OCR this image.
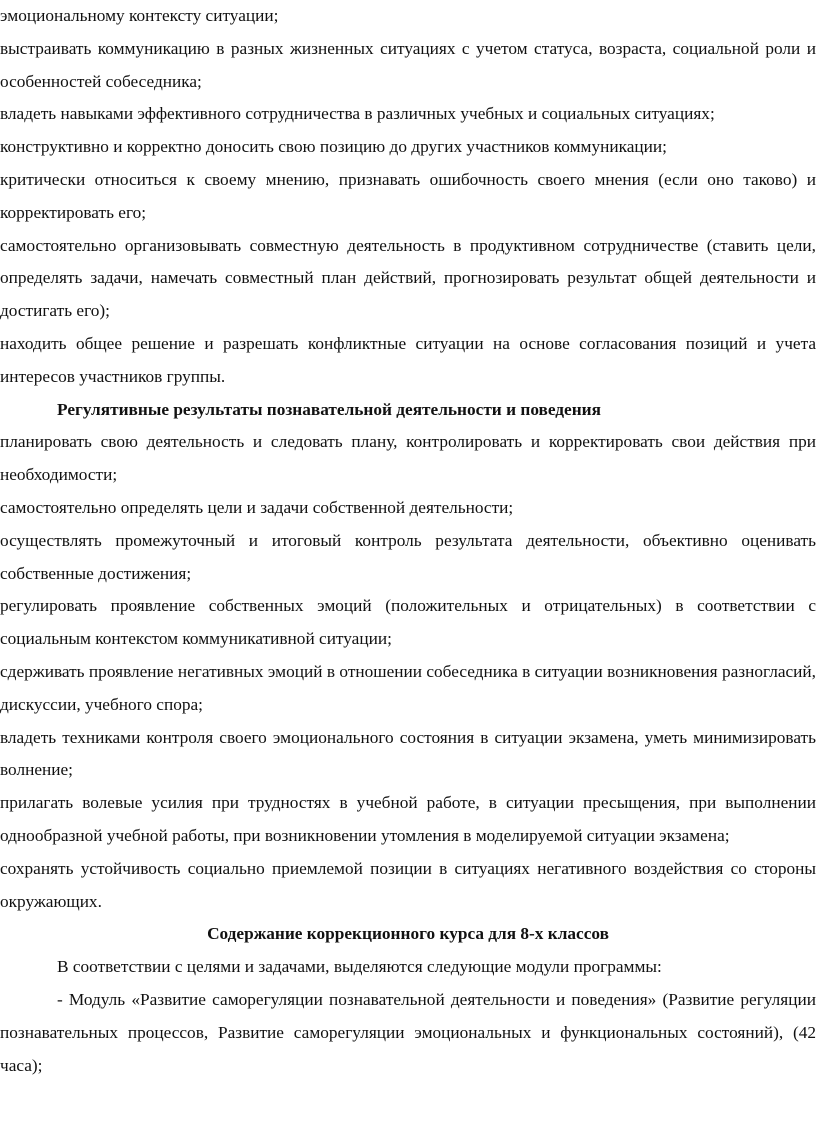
эмоциональному контексту ситуации;

выстраивать коммуникацию в разных жизненных ситуациях с учетом статуса, возраста, социальной роли и особенностей собеседника;

владеть навыками эффективного сотрудничества в различных учебных и социальных ситуациях;

конструктивно и корректно доносить свою позицию до других участников коммуникации;

критически относиться к своему мнению, признавать ошибочность своего мнения (если оно таково) и корректировать его;

самостоятельно организовывать совместную деятельность в продуктивном сотрудничестве (ставить цели, определять задачи, намечать совместный план действий, прогнозировать результат общей деятельности и достигать его);

находить общее решение и разрешать конфликтные ситуации на основе согласования позиций и учета интересов участников группы.

Регулятивные результаты познавательной деятельности и поведения

планировать свою деятельность и следовать плану, контролировать и корректировать свои действия при необходимости;

самостоятельно определять цели и задачи собственной деятельности;

осуществлять промежуточный и итоговый контроль результата деятельности, объективно оценивать собственные достижения;

регулировать проявление собственных эмоций (положительных и отрицательных) в соответствии с социальным контекстом коммуникативной ситуации;

сдерживать проявление негативных эмоций в отношении собеседника в ситуации возникновения разногласий, дискуссии, учебного спора;

владеть техниками контроля своего эмоционального состояния в ситуации экзамена, уметь минимизировать волнение;

прилагать волевые усилия при трудностях в учебной работе, в ситуации пресыщения, при выполнении однообразной учебной работы, при возникновении утомления в моделируемой ситуации экзамена;

сохранять устойчивость социально приемлемой позиции в ситуациях негативного воздействия со стороны окружающих.

Содержание коррекционного курса для 8-х классов

В соответствии с целями и задачами, выделяются следующие модули программы:

- Модуль «Развитие саморегуляции познавательной деятельности и поведения» (Развитие регуляции познавательных процессов, Развитие саморегуляции эмоциональных и функциональных состояний), (42 часа);
